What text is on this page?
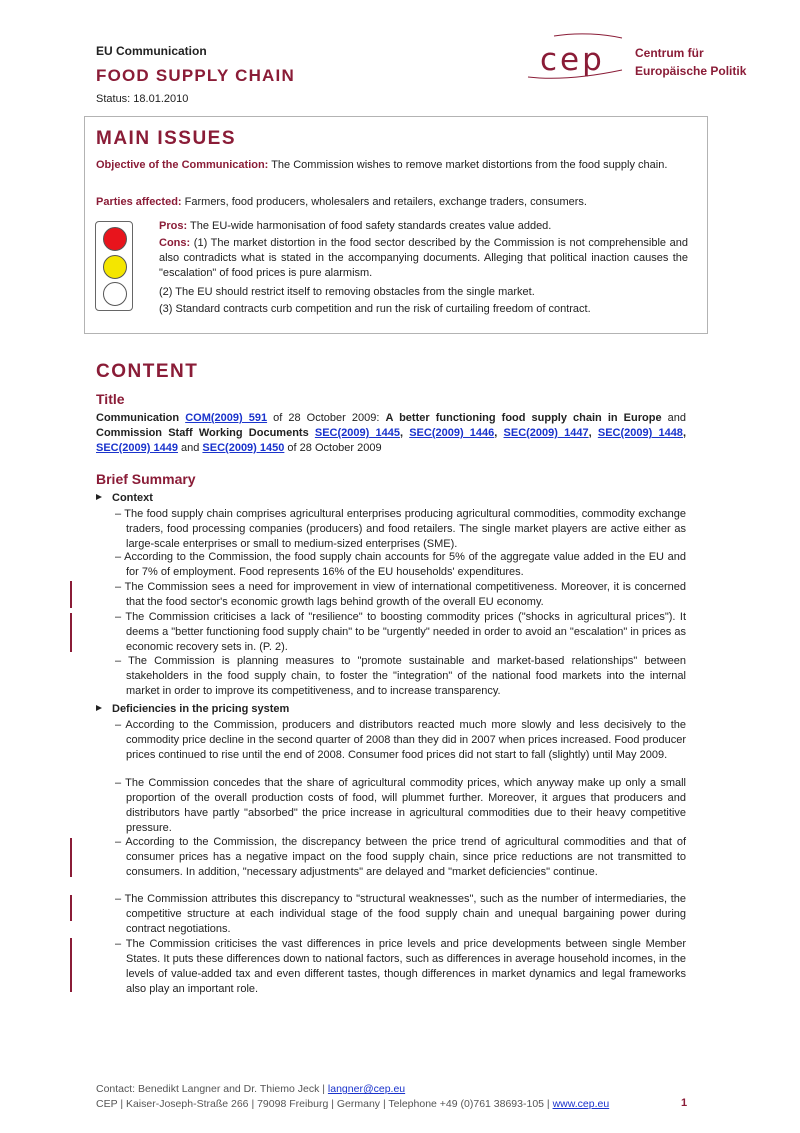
EU Communication
FOOD SUPPLY CHAIN
Status: 18.01.2010
cep	Centrum für
Europäische Politik
MAIN ISSUES
Objective of the Communication: The Commission wishes to remove market distortions from the food supply chain.
Parties affected: Farmers, food producers, wholesalers and retailers, exchange traders, consumers.
Pros: The EU-wide harmonisation of food safety standards creates value added.
Cons: (1) The market distortion in the food sector described by the Commission is not comprehensible and also contradicts what is stated in the accompanying documents. Alleging that political inaction causes the "escalation" of food prices is pure alarmism.
(2) The EU should restrict itself to removing obstacles from the single market.
(3) Standard contracts curb competition and run the risk of curtailing freedom of contract.
CONTENT
Title
Communication COM(2009) 591 of 28 October 2009: A better functioning food supply chain in Europe and Commission Staff Working Documents SEC(2009) 1445, SEC(2009) 1446, SEC(2009) 1447, SEC(2009) 1448, SEC(2009) 1449 and SEC(2009) 1450 of 28 October 2009
Brief Summary
Context
– The food supply chain comprises agricultural enterprises producing agricultural commodities, commodity exchange traders, food processing companies (producers) and food retailers. The single market players are active either as large-scale enterprises or small to medium-sized enterprises (SME).
– According to the Commission, the food supply chain accounts for 5% of the aggregate value added in the EU and for 7% of employment. Food represents 16% of the EU households' expenditures.
– The Commission sees a need for improvement in view of international competitiveness. Moreover, it is concerned that the food sector's economic growth lags behind growth of the overall EU economy.
– The Commission criticises a lack of "resilience" to boosting commodity prices ("shocks in agricultural prices"). It deems a "better functioning food supply chain" to be "urgently" needed in order to avoid an "escalation" in prices as economic recovery sets in. (P. 2).
– The Commission is planning measures to "promote sustainable and market-based relationships" between stakeholders in the food supply chain, to foster the "integration" of the national food markets into the internal market in order to improve its competitiveness, and to increase transparency.
Deficiencies in the pricing system
– According to the Commission, producers and distributors reacted much more slowly and less decisively to the commodity price decline in the second quarter of 2008 than they did in 2007 when prices increased. Food producer prices continued to rise until the end of 2008. Consumer food prices did not start to fall (slightly) until May 2009.
– The Commission concedes that the share of agricultural commodity prices, which anyway make up only a small proportion of the overall production costs of food, will plummet further. Moreover, it argues that producers and distributors have partly "absorbed" the price increase in agricultural commodities due to their heavy competitive pressure.
– According to the Commission, the discrepancy between the price trend of agricultural commodities and that of consumer prices has a negative impact on the food supply chain, since price reductions are not transmitted to consumers. In addition, "necessary adjustments" are delayed and "market deficiencies" continue.
– The Commission attributes this discrepancy to "structural weaknesses", such as the number of intermediaries, the competitive structure at each individual stage of the food supply chain and unequal bargaining power during contract negotiations.
– The Commission criticises the vast differences in price levels and price developments between single Member States. It puts these differences down to national factors, such as differences in average household incomes, in the levels of value-added tax and even different tastes, though differences in market dynamics and legal frameworks also play an important role.
Contact: Benedikt Langner and Dr. Thiemo Jeck | langner@cep.eu
CEP | Kaiser-Joseph-Straße 266 | 79098 Freiburg | Germany | Telephone +49 (0)761 38693-105 | www.cep.eu	1
